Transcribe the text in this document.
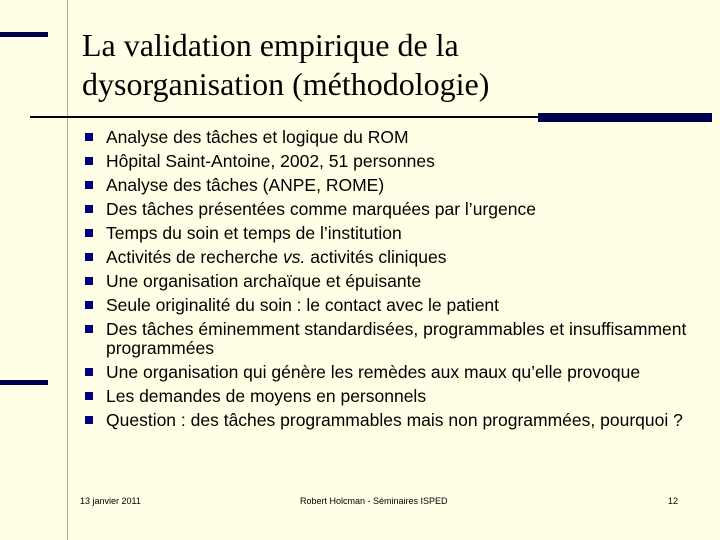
La validation empirique de la
dysorganisation (méthodologie)
Analyse des tâches et logique du ROM
Hôpital Saint-Antoine, 2002, 51 personnes
Analyse des tâches (ANPE, ROME)
Des tâches présentées comme marquées par l’urgence
Temps du soin et temps de l’institution
Activités de recherche vs. activités cliniques
Une organisation archaïque et épuisante
Seule originalité du soin : le contact avec le patient
Des tâches éminemment standardisées, programmables et insuffisamment programmées
Une organisation qui génère les remèdes aux maux qu’elle provoque
Les demandes de moyens en personnels
Question : des tâches programmables mais non programmées, pourquoi ?
13 janvier 2011	Robert Holcman - Séminaires ISPED	12
